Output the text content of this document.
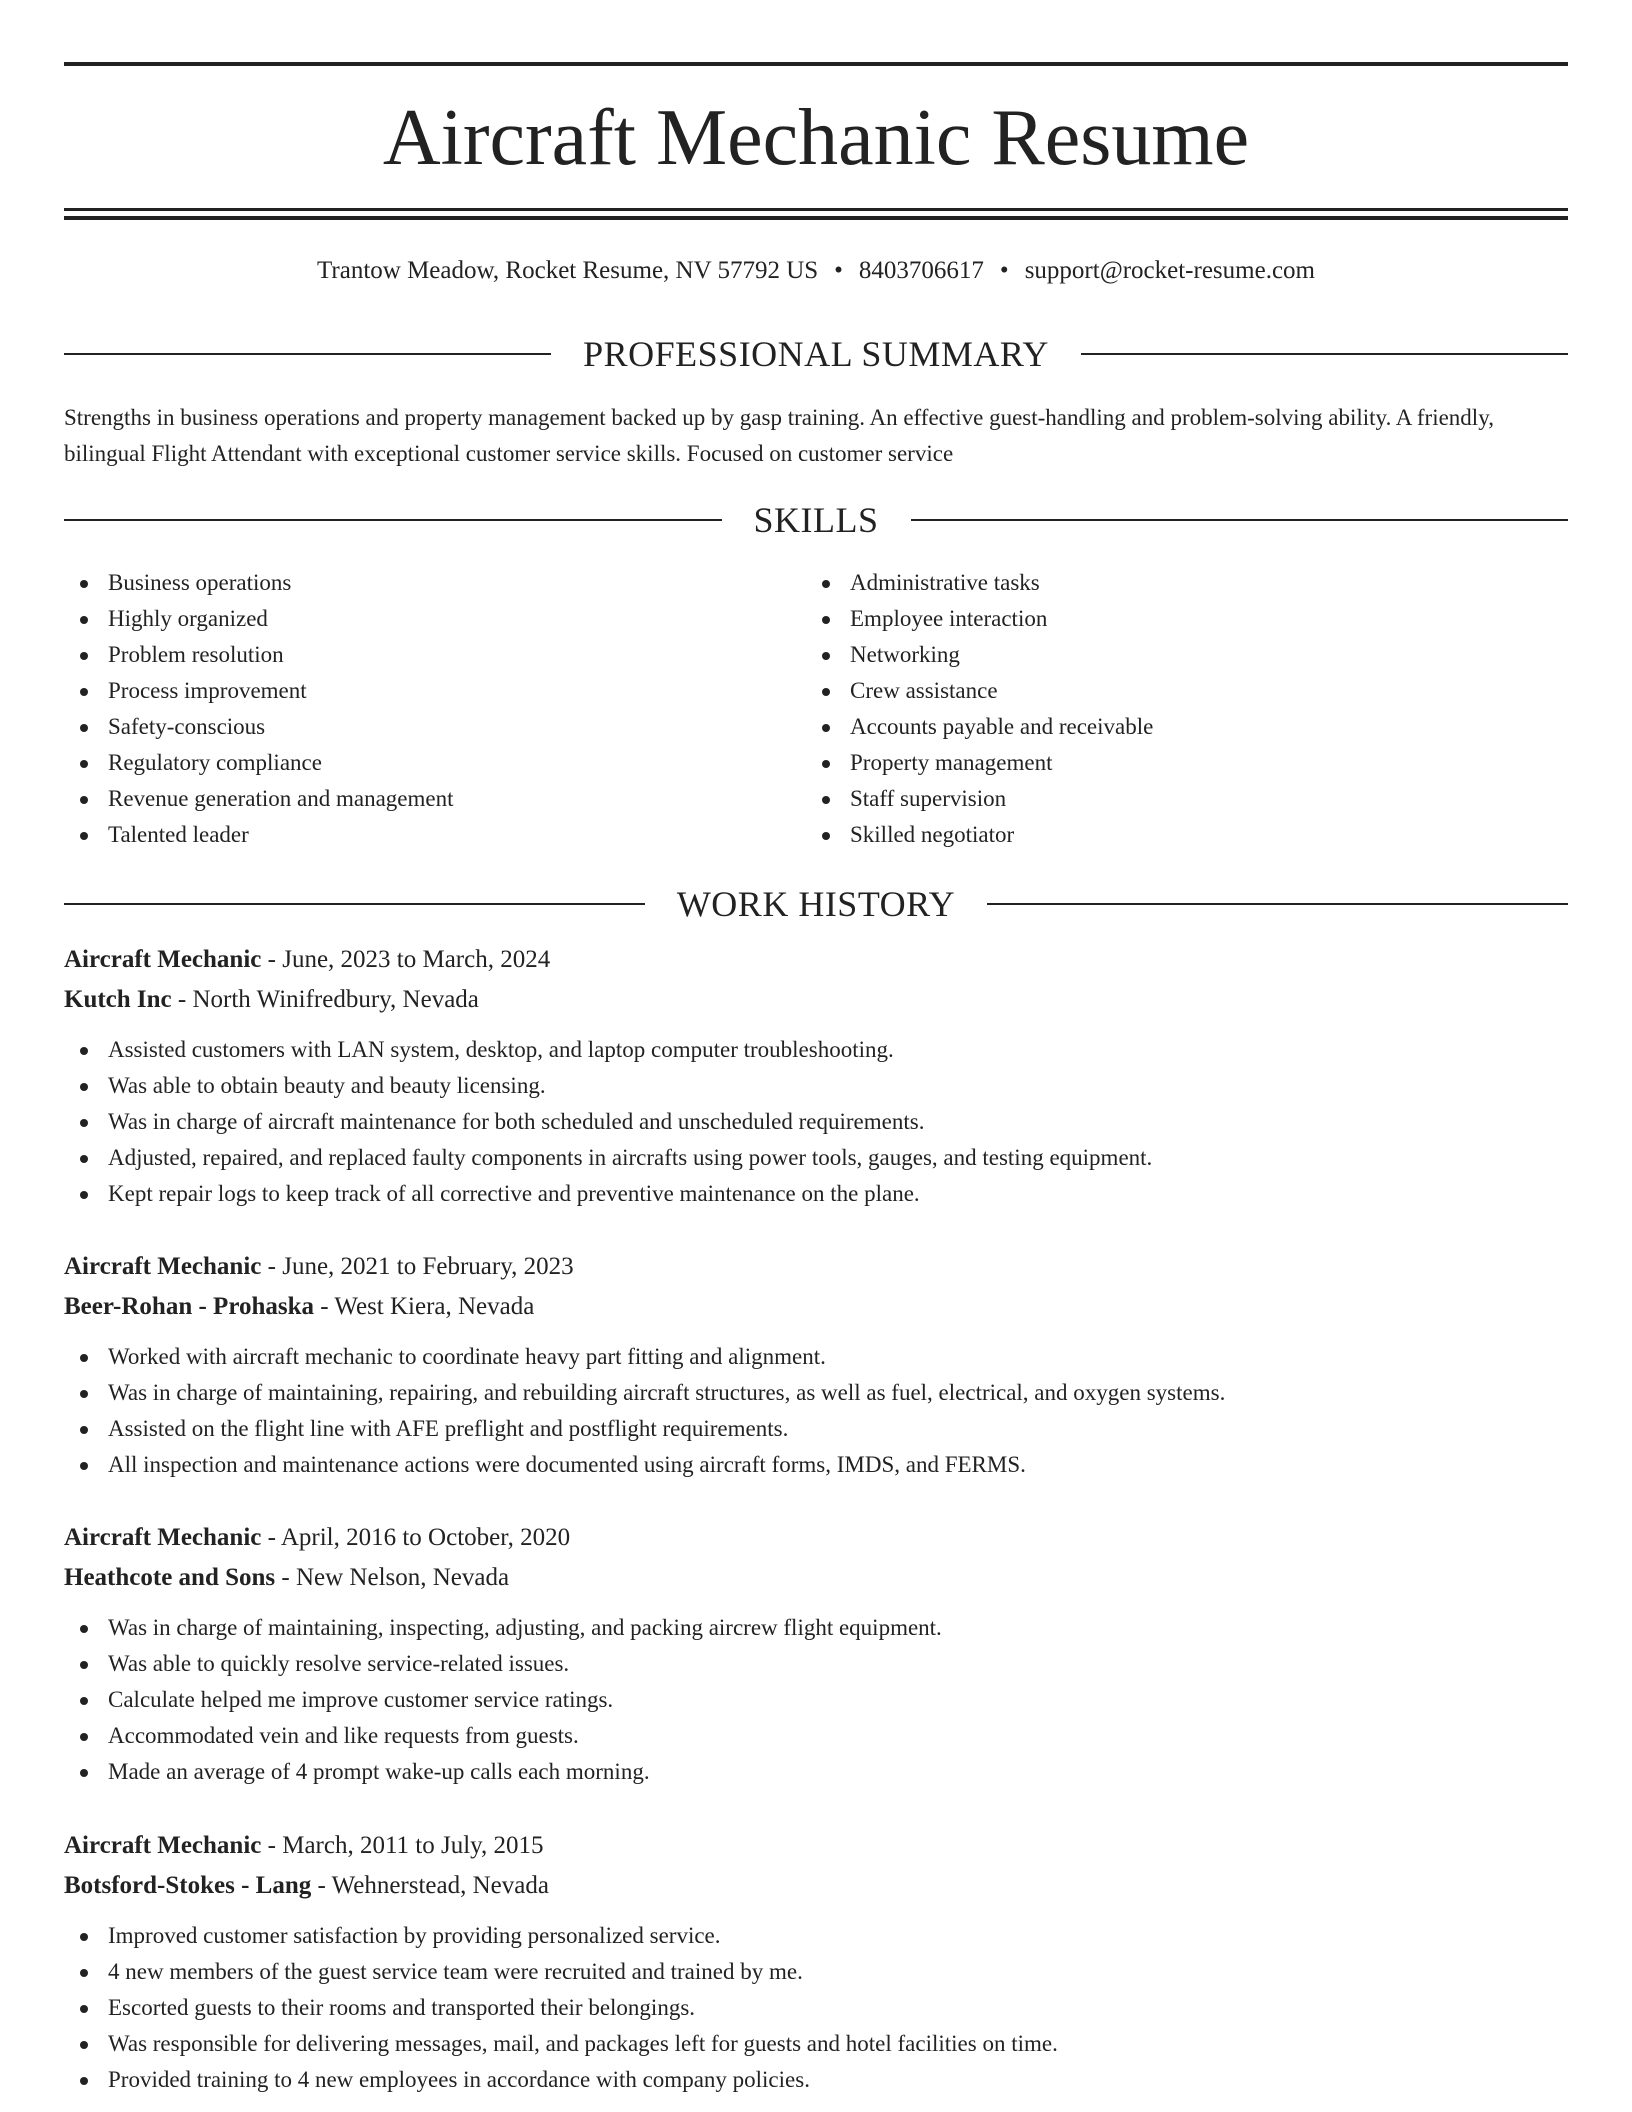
Aircraft Mechanic Resume
Trantow Meadow, Rocket Resume, NV 57792 US • 8403706617 • support@rocket-resume.com
PROFESSIONAL SUMMARY

Strengths in business operations and property management backed up by gasp training. An effective guest-handling and problem-solving ability. A friendly, bilingual Flight Attendant with exceptional customer service skills. Focused on customer service

SKILLS
Business operations
Highly organized
Problem resolution
Process improvement
Safety-conscious
Regulatory compliance
Revenue generation and management
Talented leader
Administrative tasks
Employee interaction
Networking
Crew assistance
Accounts payable and receivable
Property management
Staff supervision
Skilled negotiator
WORK HISTORY
Aircraft Mechanic - June, 2023 to March, 2024
Kutch Inc - North Winifredbury, Nevada
Assisted customers with LAN system, desktop, and laptop computer troubleshooting.
Was able to obtain beauty and beauty licensing.
Was in charge of aircraft maintenance for both scheduled and unscheduled requirements.
Adjusted, repaired, and replaced faulty components in aircrafts using power tools, gauges, and testing equipment.
Kept repair logs to keep track of all corrective and preventive maintenance on the plane.
Aircraft Mechanic - June, 2021 to February, 2023
Beer-Rohan - Prohaska - West Kiera, Nevada
Worked with aircraft mechanic to coordinate heavy part fitting and alignment.
Was in charge of maintaining, repairing, and rebuilding aircraft structures, as well as fuel, electrical, and oxygen systems.
Assisted on the flight line with AFE preflight and postflight requirements.
All inspection and maintenance actions were documented using aircraft forms, IMDS, and FERMS.
Aircraft Mechanic - April, 2016 to October, 2020
Heathcote and Sons - New Nelson, Nevada
Was in charge of maintaining, inspecting, adjusting, and packing aircrew flight equipment.
Was able to quickly resolve service-related issues.
Calculate helped me improve customer service ratings.
Accommodated vein and like requests from guests.
Made an average of 4 prompt wake-up calls each morning.
Aircraft Mechanic - March, 2011 to July, 2015
Botsford-Stokes - Lang - Wehnerstead, Nevada
Improved customer satisfaction by providing personalized service.
4 new members of the guest service team were recruited and trained by me.
Escorted guests to their rooms and transported their belongings.
Was responsible for delivering messages, mail, and packages left for guests and hotel facilities on time.
Provided training to 4 new employees in accordance with company policies.
